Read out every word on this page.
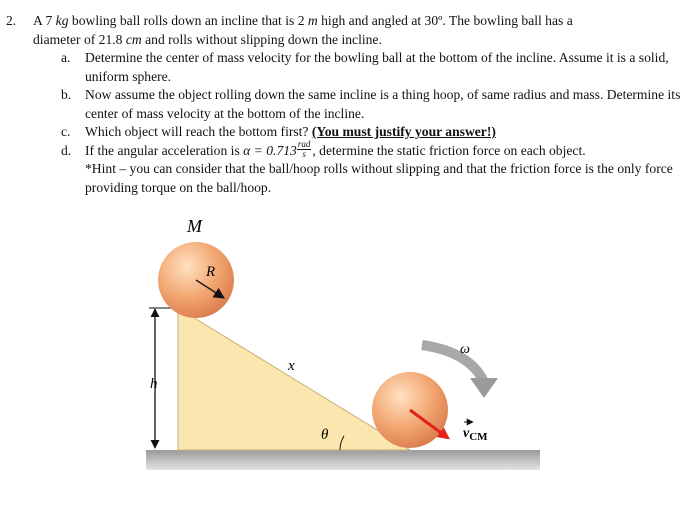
2. A 7 kg bowling ball rolls down an incline that is 2 m high and angled at 30º. The bowling ball has a
diameter of 21.8 cm and rolls without slipping down the incline.
a. Determine the center of mass velocity for the bowling ball at the bottom of the incline. Assume it is a solid, uniform sphere.
b. Now assume the object rolling down the same incline is a thing hoop, of same radius and mass. Determine its center of mass velocity at the bottom of the incline.
c. Which object will reach the bottom first? (You must justify your answer!)
d. If the angular acceleration is $\alpha = 0.713 \frac{\text{rad}}{s}$ , determine the static friction force on each object.
*Hint – you can consider that the ball/hoop rolls without slipping and that the friction force is the only force providing torque on the ball/hoop.
h
R
M
x
θ
ω
$v_{CM}$
